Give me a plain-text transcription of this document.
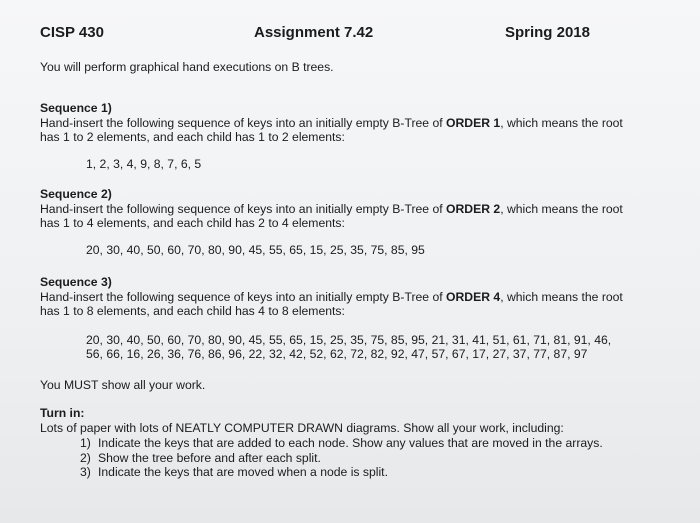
CISP 430	Assignment 7.42	Spring 2018
You will perform graphical hand executions on B trees.
Sequence 1)
Hand-insert the following sequence of keys into an initially empty B-Tree of ORDER 1, which means the root has 1 to 2 elements, and each child has 1 to 2 elements:
1, 2, 3, 4, 9, 8, 7, 6, 5
Sequence 2)
Hand-insert the following sequence of keys into an initially empty B-Tree of ORDER 2, which means the root has 1 to 4 elements, and each child has 2 to 4 elements:
20, 30, 40, 50, 60, 70, 80, 90, 45, 55, 65, 15, 25, 35, 75, 85, 95
Sequence 3)
Hand-insert the following sequence of keys into an initially empty B-Tree of ORDER 4, which means the root has 1 to 8 elements, and each child has 4 to 8 elements:
20, 30, 40, 50, 60, 70, 80, 90, 45, 55, 65, 15, 25, 35, 75, 85, 95, 21, 31, 41, 51, 61, 71, 81, 91, 46,
56, 66, 16, 26, 36, 76, 86, 96, 22, 32, 42, 52, 62, 72, 82, 92, 47, 57, 67, 17, 27, 37, 77, 87, 97
You MUST show all your work.
Turn in:
Lots of paper with lots of NEATLY COMPUTER DRAWN diagrams. Show all your work, including:
1) Indicate the keys that are added to each node. Show any values that are moved in the arrays.
2) Show the tree before and after each split.
3) Indicate the keys that are moved when a node is split.
